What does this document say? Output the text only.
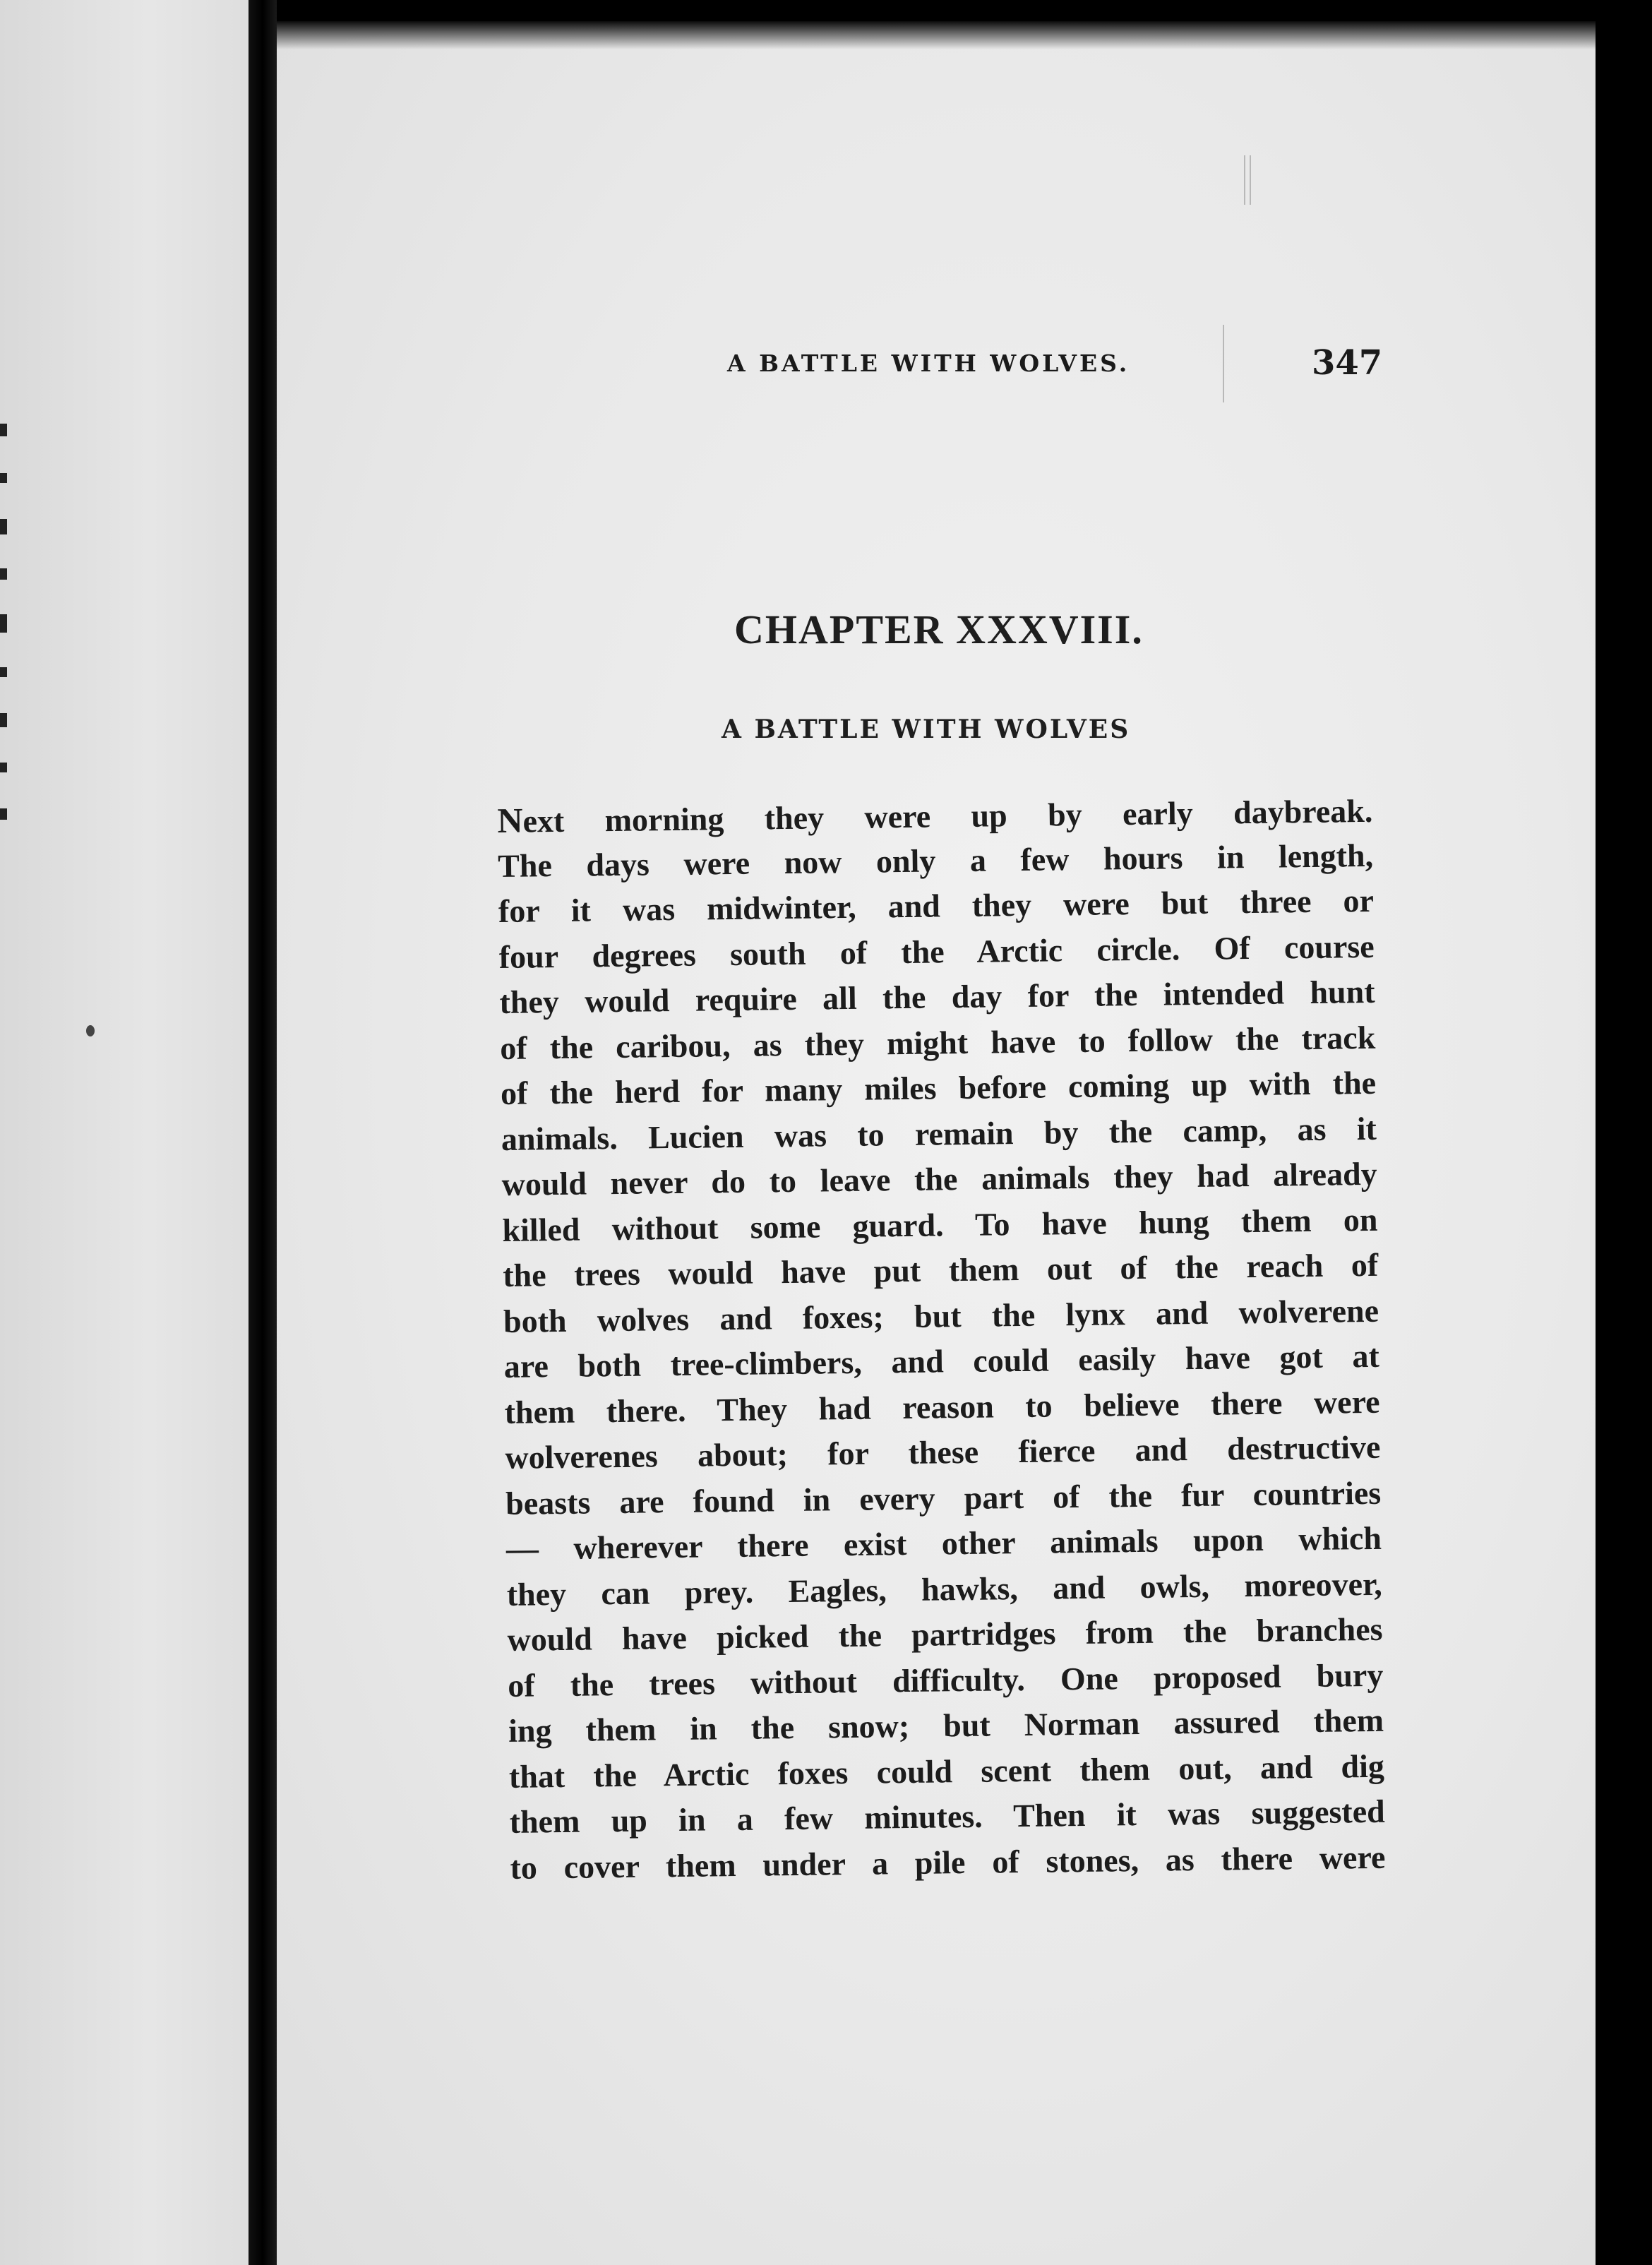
A BATTLE WITH WOLVES.	347
CHAPTER XXXVIII.
A BATTLE WITH WOLVES
Next morning they were up by early daybreak.
The days were now only a few hours in length,
for it was midwinter, and they were but three or
four degrees south of the Arctic circle. Of course
they would require all the day for the intended hunt
of the caribou, as they might have to follow the track
of the herd for many miles before coming up with the
animals. Lucien was to remain by the camp, as it
would never do to leave the animals they had already
killed without some guard. To have hung them on
the trees would have put them out of the reach of
both wolves and foxes; but the lynx and wolverene
are both tree-climbers, and could easily have got at
them there. They had reason to believe there were
wolverenes about; for these fierce and destructive
beasts are found in every part of the fur countries
— wherever there exist other animals upon which
they can prey. Eagles, hawks, and owls, moreover,
would have picked the partridges from the branches
of the trees without difficulty. One proposed bury
ing them in the snow; but Norman assured them
that the Arctic foxes could scent them out, and dig
them up in a few minutes. Then it was suggested
to cover them under a pile of stones, as there were
